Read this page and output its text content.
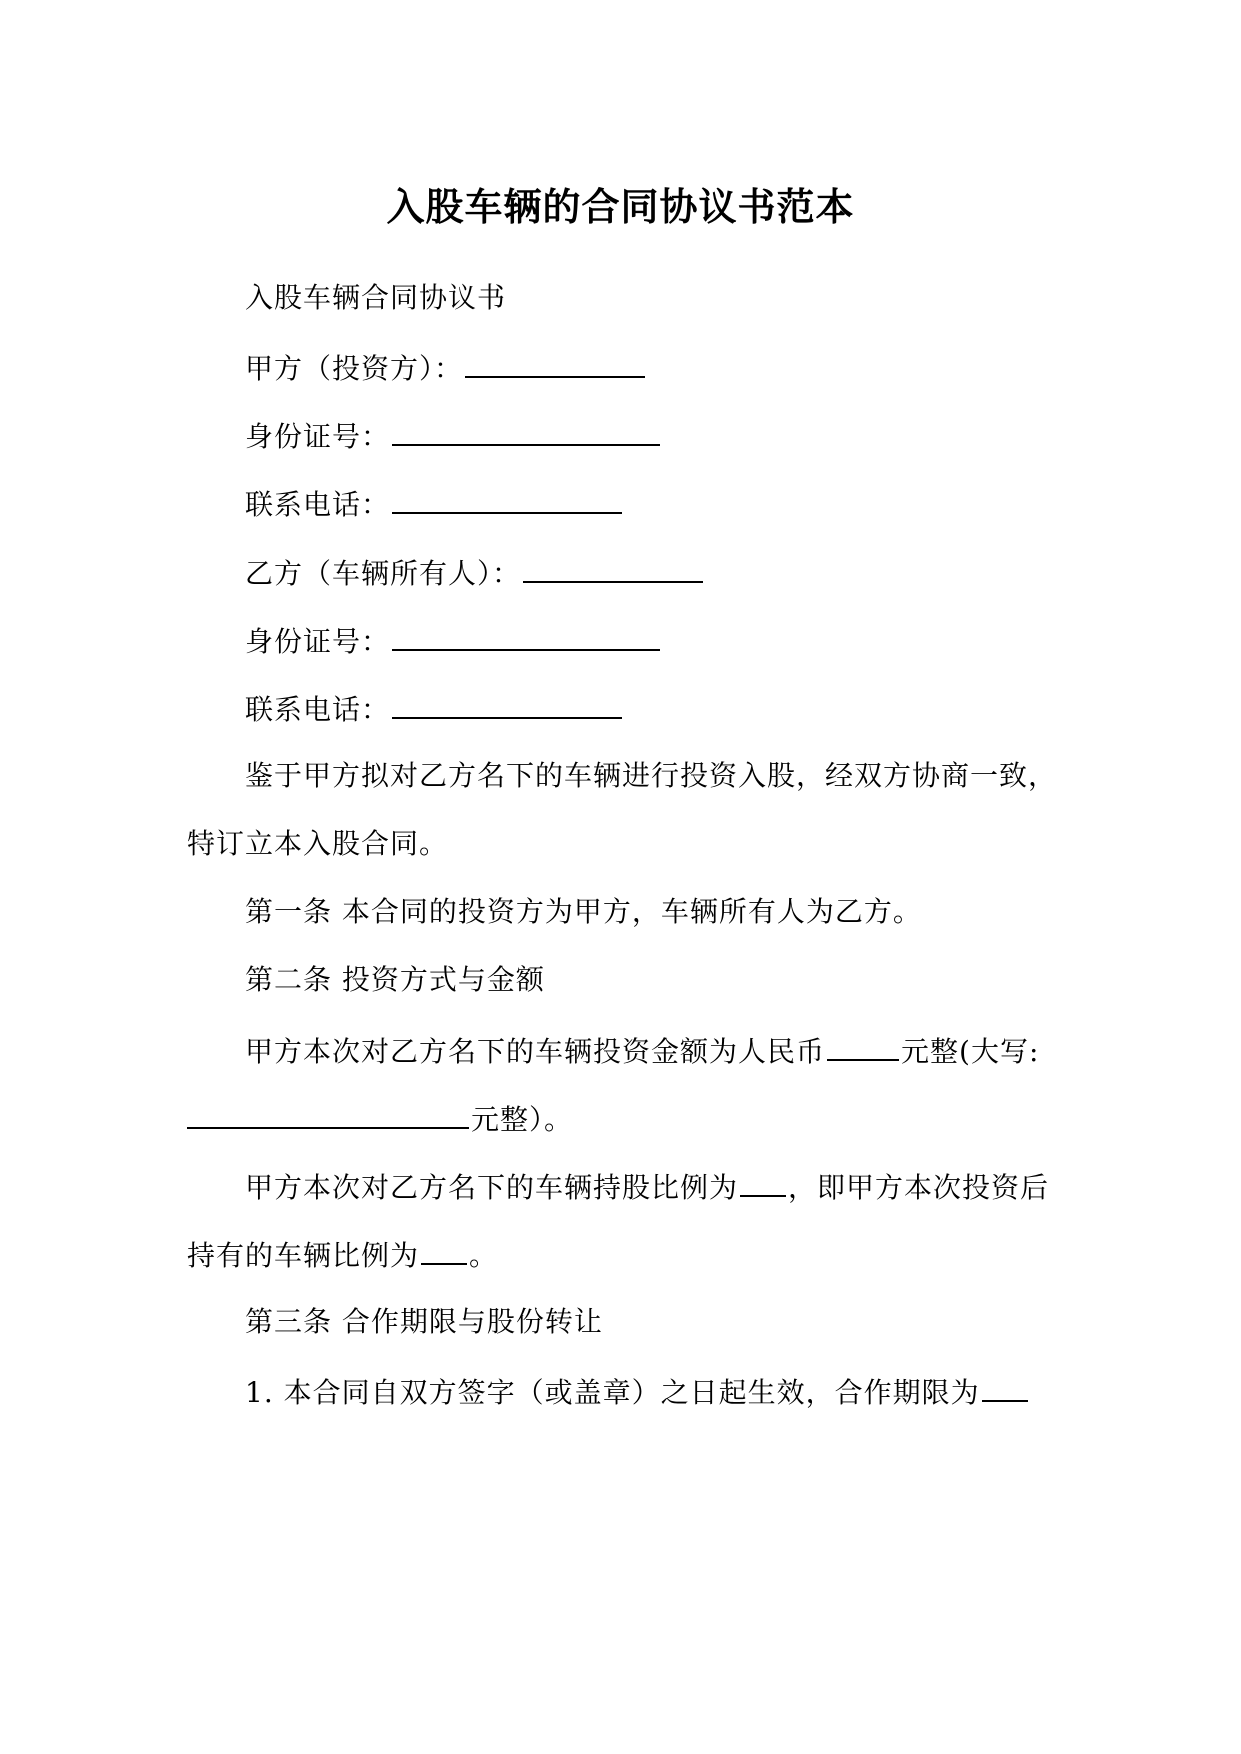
入股车辆的合同协议书范本
入股车辆合同协议书
甲方（投资方）：
身份证号：
联系电话：
乙方（车辆所有人）：
身份证号：
联系电话：
鉴于甲方拟对乙方名下的车辆进行投资入股，经双方协商一致，
特订立本入股合同。
第一条 本合同的投资方为甲方，车辆所有人为乙方。
第二条 投资方式与金额
甲方本次对乙方名下的车辆投资金额为人民币	元整(大写:
元整）。
甲方本次对乙方名下的车辆持股比例为 ，即甲方本次投资后
持有的车辆比例为 。
第三条 合作期限与股份转让
1. 本合同自双方签字（或盖章）之日起生效，合作期限为
